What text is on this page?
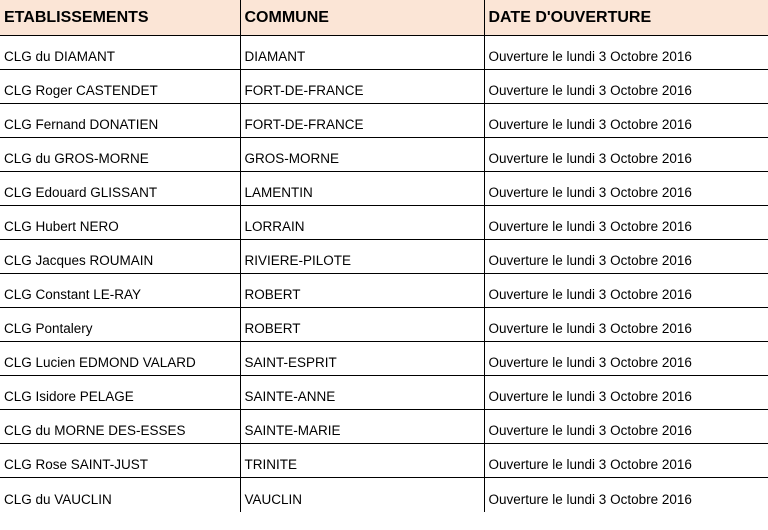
ETABLISSEMENTS	COMMUNE	DATE D'OUVERTURE
CLG du DIAMANT	DIAMANT	Ouverture le lundi 3 Octobre 2016
CLG Roger CASTENDET	FORT-DE-FRANCE	Ouverture le lundi 3 Octobre 2016
CLG Fernand DONATIEN	FORT-DE-FRANCE	Ouverture le lundi 3 Octobre 2016
CLG du GROS-MORNE	GROS-MORNE	Ouverture le lundi 3 Octobre 2016
CLG Edouard GLISSANT	LAMENTIN	Ouverture le lundi 3 Octobre 2016
CLG Hubert NERO	LORRAIN	Ouverture le lundi 3 Octobre 2016
CLG Jacques ROUMAIN	RIVIERE-PILOTE	Ouverture le lundi 3 Octobre 2016
CLG Constant LE-RAY	ROBERT	Ouverture le lundi 3 Octobre 2016
CLG Pontalery	ROBERT	Ouverture le lundi 3 Octobre 2016
CLG Lucien EDMOND VALARD	SAINT-ESPRIT	Ouverture le lundi 3 Octobre 2016
CLG Isidore PELAGE	SAINTE-ANNE	Ouverture le lundi 3 Octobre 2016
CLG du MORNE DES-ESSES	SAINTE-MARIE	Ouverture le lundi 3 Octobre 2016
CLG Rose SAINT-JUST	TRINITE	Ouverture le lundi 3 Octobre 2016
CLG du VAUCLIN	VAUCLIN	Ouverture le lundi 3 Octobre 2016
